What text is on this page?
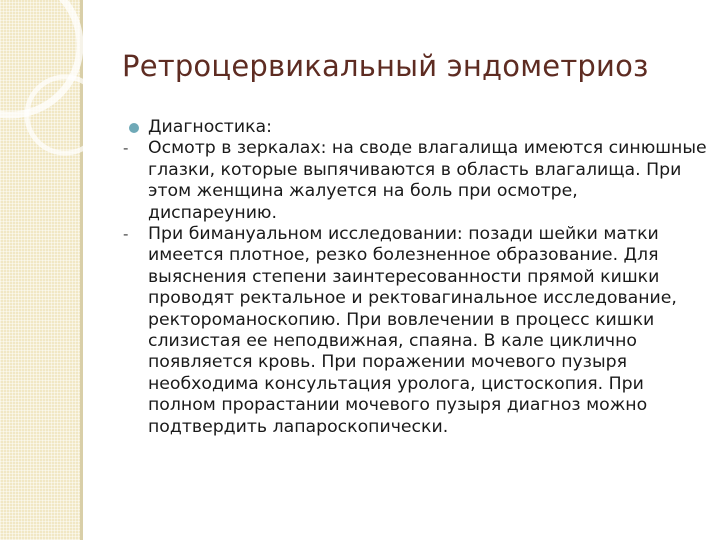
Ретроцервикальный эндометриоз

Диагностика:

- Осмотр в зеркалах: на своде влагалища имеются синюшные глазки, которые выпячиваются в область влагалища. При этом женщина жалуется на боль при осмотре, диспареунию.

- При бимануальном исследовании: позади шейки матки имеется плотное, резко болезненное образование. Для выяснения степени заинтересованности прямой кишки проводят ректальное и ректовагинальное исследование, ректороманоскопию. При вовлечении в процесс кишки слизистая ее неподвижная, спаяна. В кале циклично появляется кровь. При поражении мочевого пузыря необходима консультация уролога, цистоскопия. При полном прорастании мочевого пузыря диагноз можно подтвердить лапароскопически.
